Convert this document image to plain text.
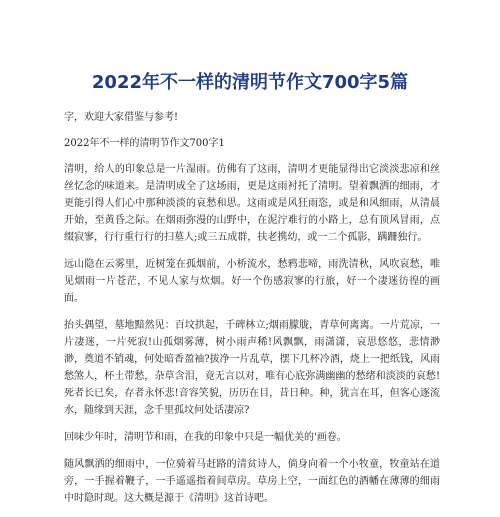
2022年不一样的清明节作文700字5篇

字，欢迎大家借鉴与参考!

2022年不一样的清明节作文700字1

清明，给人的印象总是一片湿雨。仿佛有了这雨，清明才更能显得出它淡淡悲凉和丝丝忆念的味道来。是清明成全了这场雨，更是这雨衬托了清明。望着飘洒的细雨，才更能引得人们心中那种淡淡的哀愁和思。这雨或是风狂雨恣，或是和风细雨，从清晨开始，至黄昏之际。在烟雨弥漫的山野中，在泥泞难行的小路上，总有顶风冒雨，点缀寂寥，行行重行行的扫墓人;或三五成群，扶老携幼，或一二个孤影，蹒跚独行。

远山隐在云雾里，近树笼在孤烟前，小桥流水，愁鸦悲啼，雨洗清秋，风吹哀愁，唯见烟雨一片苍茫，不见人家与炊烟。好一个伤感寂寥的行旅，好一个凄迷彷徨的画面。

抬头偶望，墓地黯然见：百坟拱起，千碑林立;烟雨朦胧，青草何离离。一片荒凉，一片凄迷，一片死寂!山孤烟雾薄，树小雨声稀!风飘飘，雨潇潇，哀思悠悠，悲情渺渺，奠道不销魂，何处暗香盈袖?拔净一片乱草，摆下几杯冷酒，烧上一把纸钱，风雨愁煞人，杯土带愁，杂草含泪，竟无言以对，唯有心底弥满幽幽的愁绪和淡淡的哀愁!死者长已矣，存者永怀悲!音容笑貌，历历在目，昔日种。种，犹言在耳，但客心逐流水，随缘到天涯，念千里孤坟何处话凄凉?

回味少年时，清明节和雨，在我的印象中只是一幅优美的'画卷。

随风飘洒的细雨中，一位骑着马赶路的清贫诗人，倘身向着一个小牧童，牧童站在道旁，一手握着鞭子，一手遥遥指着间草房。草房上空，一面红色的酒幡在薄薄的细雨中时隐时现。这大概是源于《清明》这首诗吧。
